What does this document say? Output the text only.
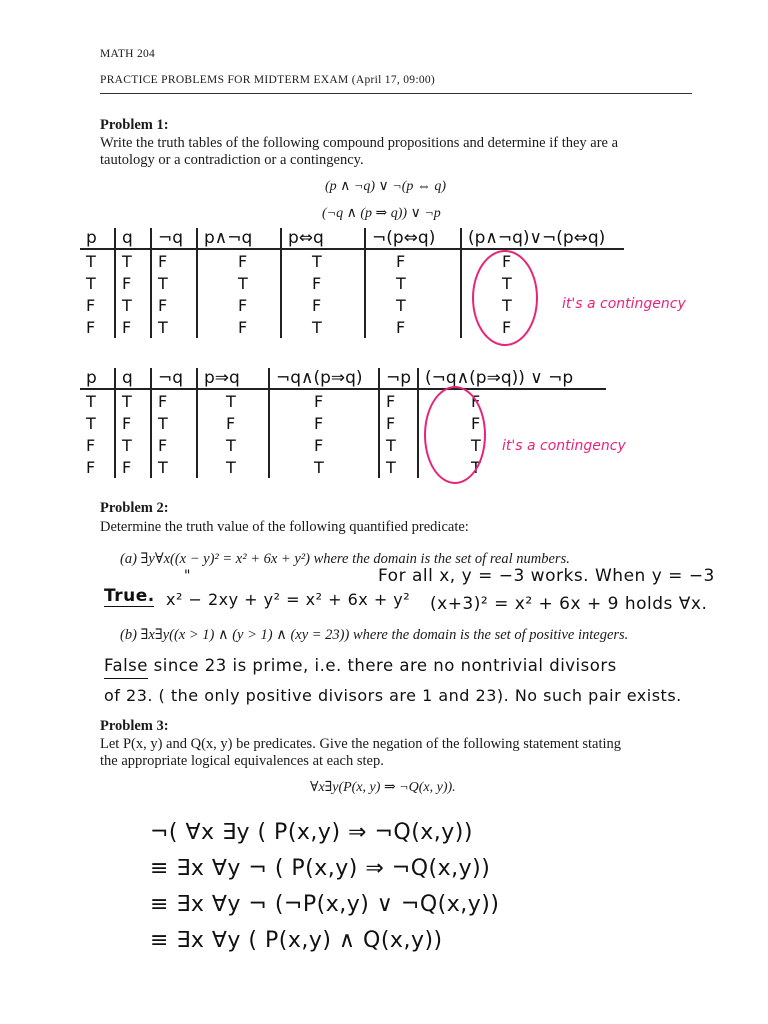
MATH 204
PRACTICE PROBLEMS FOR MIDTERM EXAM (April 17, 09:00)
Problem 1:
Write the truth tables of the following compound propositions and determine if they are a
tautology or a contradiction or a contingency.
(p ∧ ¬q) ∨ ¬(p ⇔ q)
(¬q ∧ (p ⇒ q)) ∨ ¬p
p	q	¬q	p∧¬q	p⇔q	¬(p⇔q)	(p∧¬q)∨¬(p⇔q)
T	T	F	F	T	F	F
T	F	T	T	F	T	T
F	T	F	F	F	T	T
F	F	T	F	T	F	F
it's a contingency
p	q	¬q	p⇒q	¬q∧(p⇒q)	¬p	(¬q∧(p⇒q)) ∨ ¬p
T	T	F	T	F	F	F
T	F	T	F	F	F	F
F	T	F	T	F	T	T
F	F	T	T	T	T	T
it's a contingency
Problem 2:
Determine the truth value of the following quantified predicate:
(a) ∃y∀x((x − y)² = x² + 6x + y²) where the domain is the set of real numbers.
"
True. x² − 2xy + y² = x² + 6x + y²
For all x, y = −3 works. When y = −3
(x+3)² = x² + 6x + 9 holds ∀x.
(b) ∃x∃y((x > 1) ∧ (y > 1) ∧ (xy = 23)) where the domain is the set of positive integers.
False since 23 is prime, i.e. there are no nontrivial divisors
of 23. ( the only positive divisors are 1 and 23). No such pair exists.
Problem 3:
Let P(x, y) and Q(x, y) be predicates. Give the negation of the following statement stating
the appropriate logical equivalences at each step.
∀x∃y(P(x, y) ⇒ ¬Q(x, y)).
¬( ∀x ∃y ( P(x,y) ⇒ ¬Q(x,y))
≡ ∃x ∀y ¬ ( P(x,y) ⇒ ¬Q(x,y))
≡ ∃x ∀y ¬ (¬P(x,y) ∨ ¬Q(x,y))
≡ ∃x ∀y ( P(x,y) ∧ Q(x,y))
